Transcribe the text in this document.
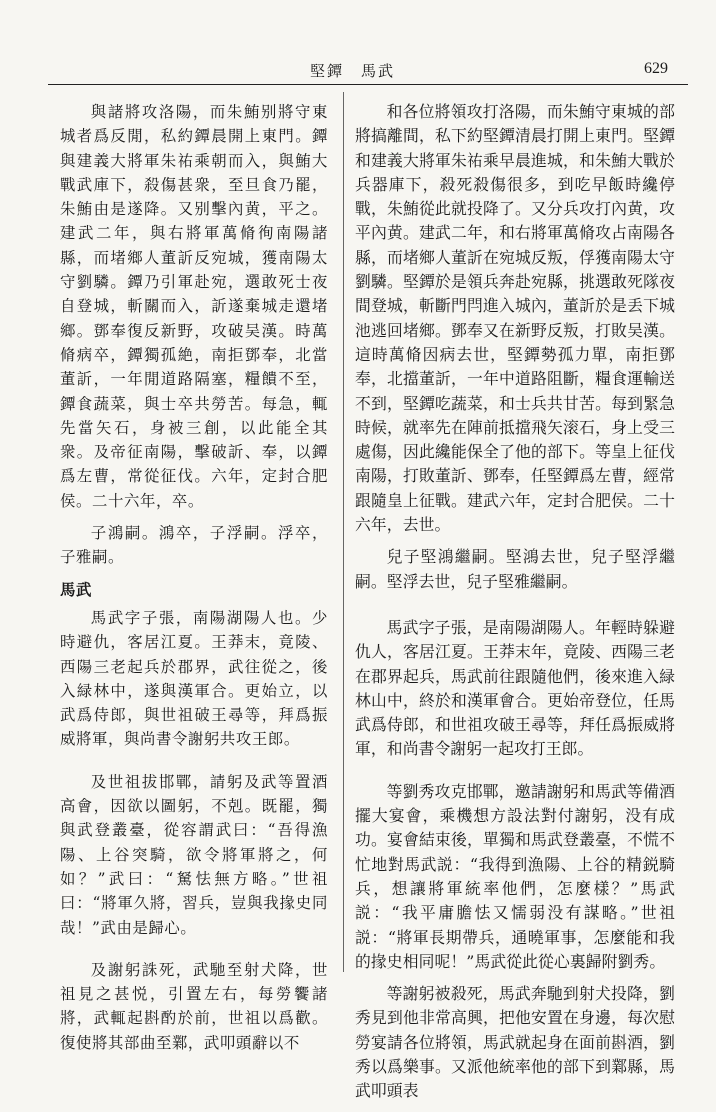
堅鐔　馬武	629

與諸將攻洛陽，而朱鮪别將守東城者爲反閒，私約鐔晨開上東門。鐔與建義大將軍朱祐乘朝而入，與鮪大戰武庫下，殺傷甚衆，至旦食乃罷，朱鮪由是遂降。又别擊內黄，平之。建武二年，與右將軍萬脩徇南陽諸縣，而堵鄉人董訢反宛城，獲南陽太守劉驎。鐔乃引軍赴宛，選敢死士夜自登城，斬關而入，訢遂棄城走還堵鄉。鄧奉復反新野，攻破吴漢。時萬脩病卒，鐔獨孤絶，南拒鄧奉，北當董訢，一年閒道路隔塞，糧饋不至，鐔食蔬菜，與士卒共勞苦。每急，輒先當矢石，身被三創，以此能全其衆。及帝征南陽，擊破訢、奉，以鐔爲左曹，常從征伐。六年，定封合肥侯。二十六年，卒。

子鴻嗣。鴻卒，子浮嗣。浮卒，子雅嗣。

馬武

馬武字子張，南陽湖陽人也。少時避仇，客居江夏。王莽末，竟陵、西陽三老起兵於郡界，武往從之，後入緑林中，遂與漢軍合。更始立，以武爲侍郎，與世祖破王尋等，拜爲振威將軍，與尚書令謝躬共攻王郎。

及世祖拔邯鄲，請躬及武等置酒高會，因欲以圖躬，不剋。既罷，獨與武登叢臺，從容謂武曰：“吾得漁陽、上谷突騎，欲令將軍將之，何如？”武曰：“駑怯無方略。”世祖曰：“將軍久將，習兵，豈與我掾史同哉！”武由是歸心。

及謝躬誅死，武馳至射犬降，世祖見之甚悦，引置左右，每勞饗諸將，武輒起斟酌於前，世祖以爲歡。復使將其部曲至鄴，武叩頭辭以不

和各位將領攻打洛陽，而朱鮪守東城的部將搞離間，私下約堅鐔清晨打開上東門。堅鐔和建義大將軍朱祐乘早晨進城，和朱鮪大戰於兵器庫下，殺死殺傷很多，到吃早飯時纔停戰，朱鮪從此就投降了。又分兵攻打內黄，攻平內黄。建武二年，和右將軍萬脩攻占南陽各縣，而堵鄉人董訢在宛城反叛，俘獲南陽太守劉驎。堅鐔於是領兵奔赴宛縣，挑選敢死隊夜間登城，斬斷門閂進入城內，董訢於是丢下城池逃回堵鄉。鄧奉又在新野反叛，打敗吴漢。這時萬脩因病去世，堅鐔勢孤力單，南拒鄧奉，北擋董訢，一年中道路阻斷，糧食運輸送不到，堅鐔吃蔬菜，和士兵共甘苦。每到緊急時候，就率先在陣前抵擋飛矢滚石，身上受三處傷，因此纔能保全了他的部下。等皇上征伐南陽，打敗董訢、鄧奉，任堅鐔爲左曹，經常跟隨皇上征戰。建武六年，定封合肥侯。二十六年，去世。

兒子堅鴻繼嗣。堅鴻去世，兒子堅浮繼嗣。堅浮去世，兒子堅雅繼嗣。

馬武字子張，是南陽湖陽人。年輕時躲避仇人，客居江夏。王莽末年，竟陵、西陽三老在郡界起兵，馬武前往跟隨他們，後來進入緑林山中，終於和漢軍會合。更始帝登位，任馬武爲侍郎，和世祖攻破王尋等，拜任爲振威將軍，和尚書令謝躬一起攻打王郎。

等劉秀攻克邯鄲，邀請謝躬和馬武等備酒擺大宴會，乘機想方設法對付謝躬，没有成功。宴會結束後，單獨和馬武登叢臺，不慌不忙地對馬武説：“我得到漁陽、上谷的精鋭騎兵，想讓將軍統率他們，怎麼樣？”馬武説：“我平庸膽怯又懦弱没有謀略。”世祖説：“將軍長期帶兵，通曉軍事，怎麼能和我的掾史相同呢！”馬武從此從心裏歸附劉秀。

等謝躬被殺死，馬武奔馳到射犬投降，劉秀見到他非常高興，把他安置在身邊，每次慰勞宴請各位將領，馬武就起身在面前斟酒，劉秀以爲樂事。又派他統率他的部下到鄴縣，馬武叩頭表
